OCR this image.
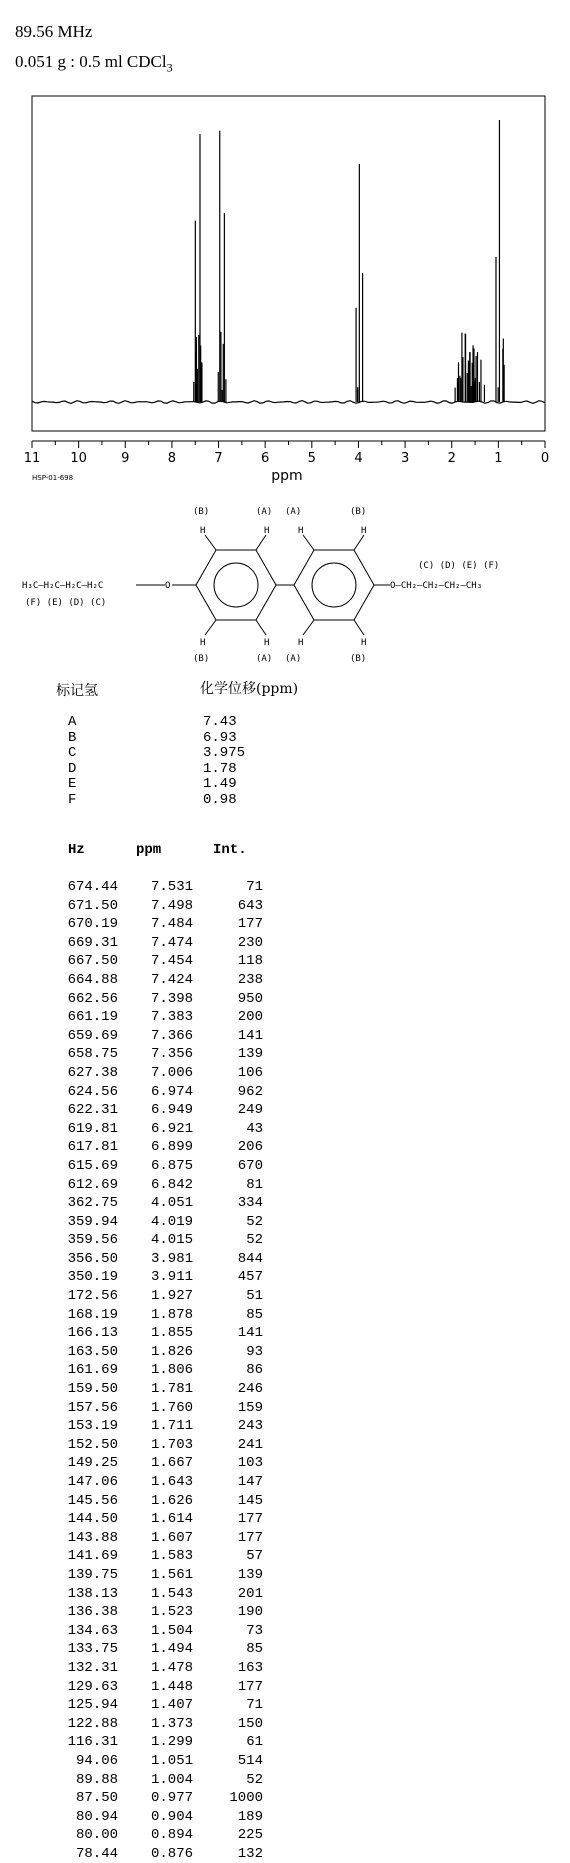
89.56 MHz
0.051 g : 0.5 ml CDCl$_3$
11 10	9	8	7	6	5	4	3	2	1	0
ppm
HSP-01-698
H₃C—H₂C—H₂C—H₂C
(F) (E) (D) (C)
O
H	H	H	H
H	H	H	H
(B)	(A) (A)	(B)
(B)	(A) (A)	(B)
O—CH₂—CH₂—CH₂—CH₃
(C) (D) (E) (F)
标记氢	化学位移(ppm)
A	7.43
B	6.93
C	3.975
D	1.78
E	1.49
F	0.98
Hz	ppm	Int.
674.44 7.531	71
671.50 7.498	643
670.19 7.484	177
669.31 7.474	230
667.50 7.454	118
664.88 7.424	238
662.56 7.398	950
661.19 7.383	200
659.69 7.366	141
658.75 7.356	139
627.38 7.006	106
624.56 6.974	962
622.31 6.949	249
619.81 6.921	43
617.81 6.899	206
615.69 6.875	670
612.69 6.842	81
362.75 4.051	334
359.94 4.019	52
359.56 4.015	52
356.50 3.981	844
350.19 3.911	457
172.56 1.927	51
168.19 1.878	85
166.13 1.855	141
163.50 1.826	93
161.69 1.806	86
159.50 1.781	246
157.56 1.760	159
153.19 1.711	243
152.50 1.703	241
149.25 1.667	103
147.06 1.643	147
145.56 1.626	145
144.50 1.614	177
143.88 1.607	177
141.69 1.583	57
139.75 1.561	139
138.13 1.543	201
136.38 1.523	190
134.63 1.504	73
133.75 1.494	85
132.31 1.478	163
129.63 1.448	177
125.94 1.407	71
122.88 1.373	150
116.31 1.299	61
94.06 1.051	514
89.88 1.004	52
87.50 0.977	1000
80.94 0.904	189
80.00 0.894	225
78.44 0.876	132
